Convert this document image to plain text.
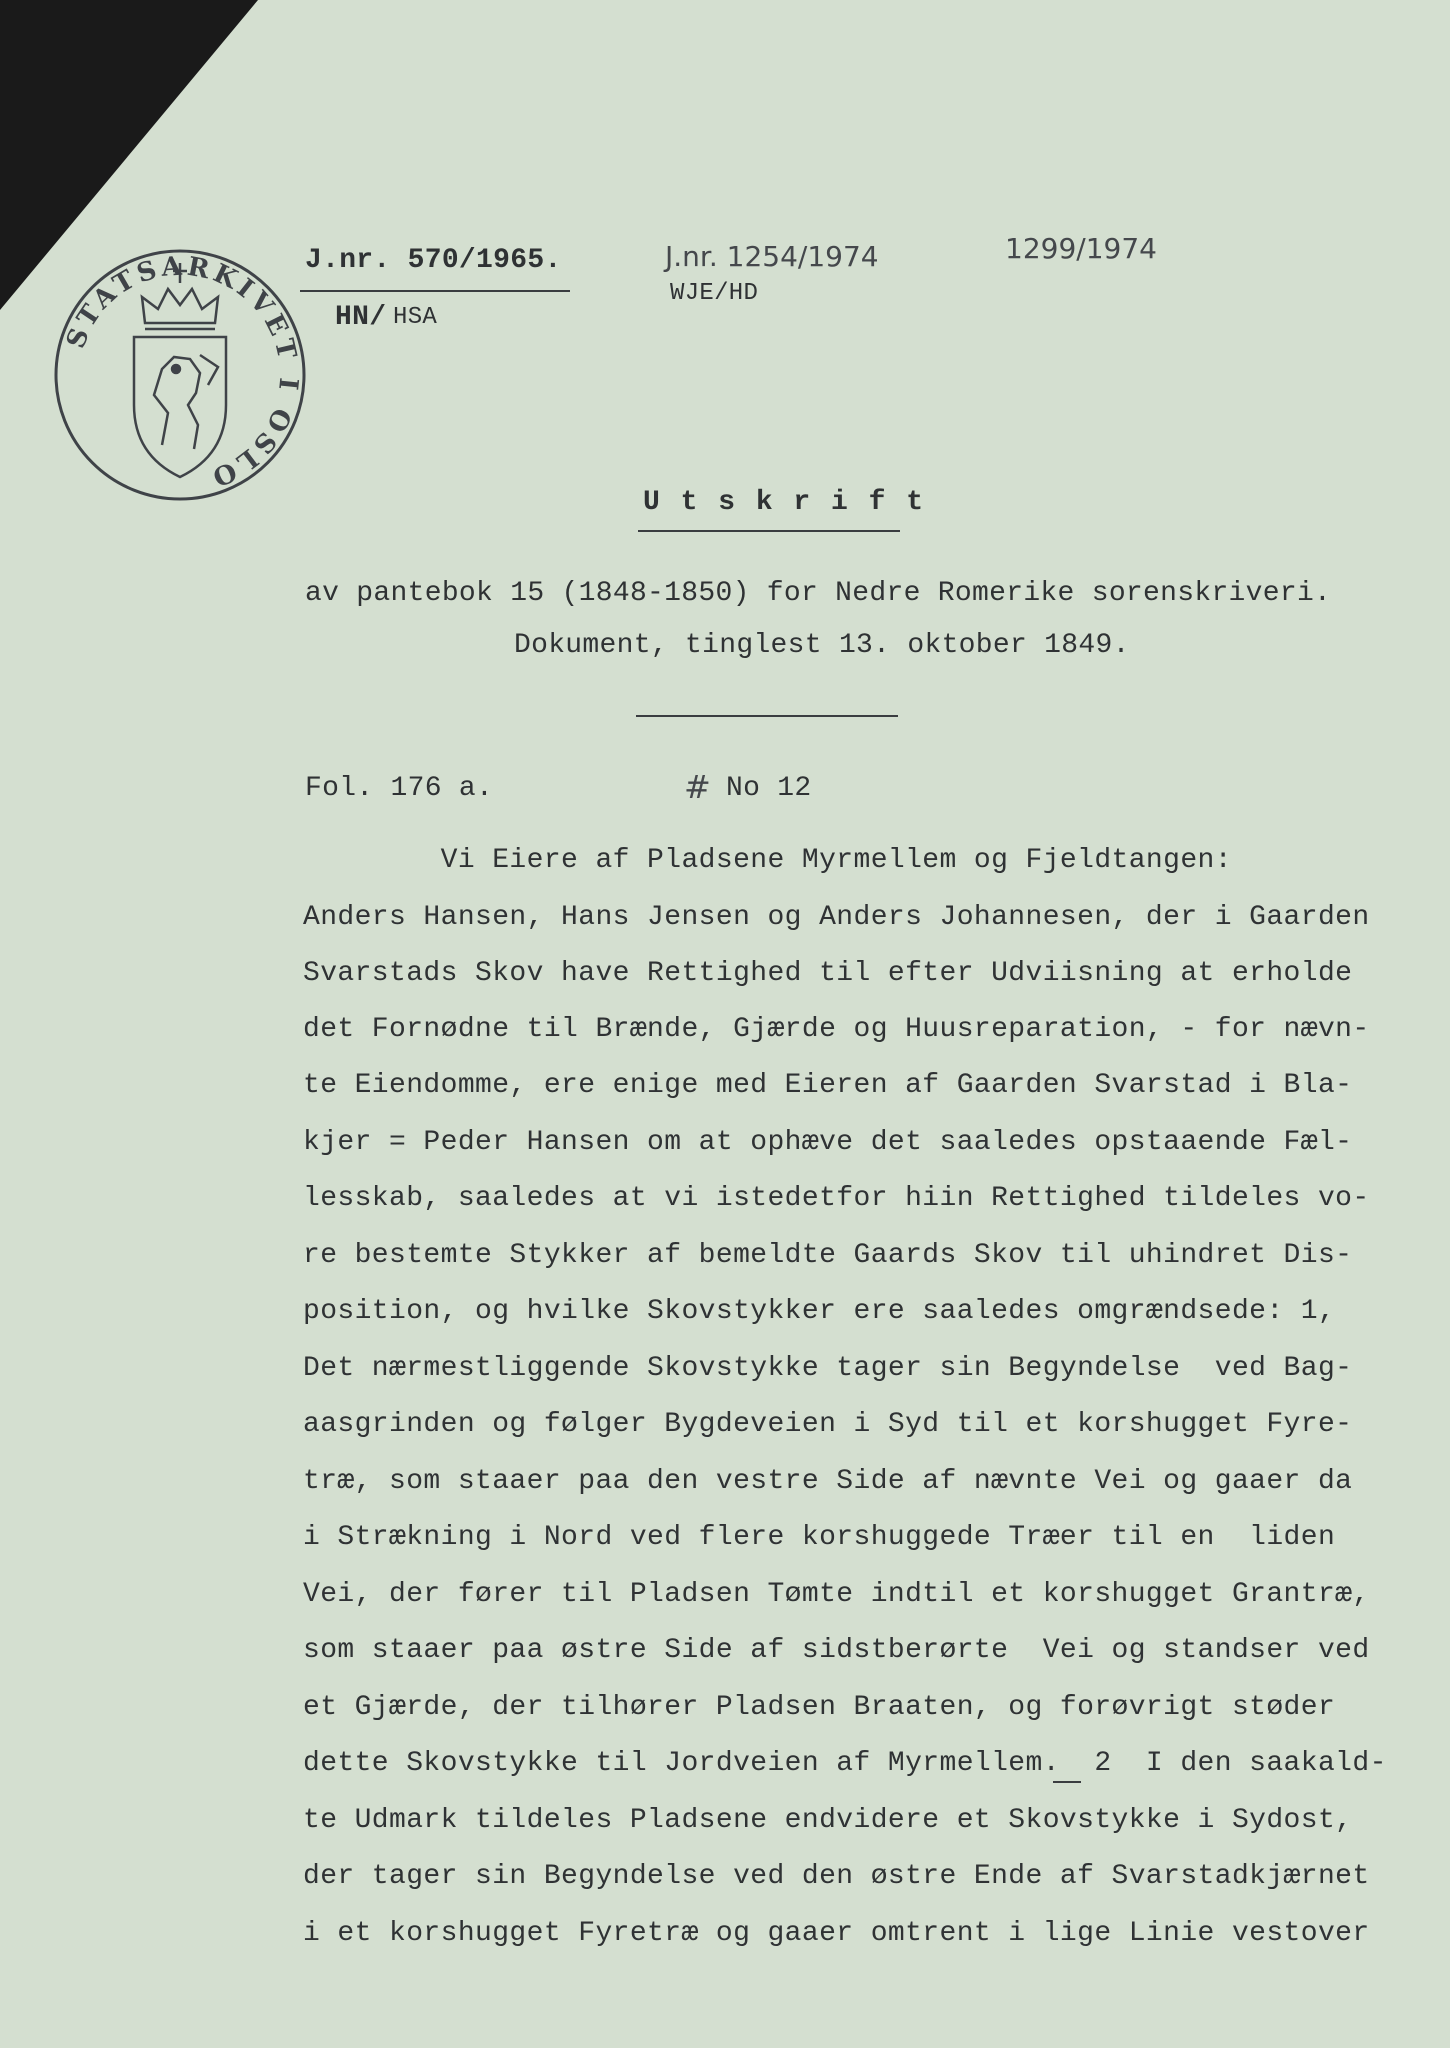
STATSARKIVET I OSLO
J.nr. 570/1965.
HN/ HSA
J.nr. 1254/1974
WJE/HD
1299/1974
U t s k r i f t
av pantebok 15 (1848-1850) for Nedre Romerike sorenskriveri.
Dokument, tinglest 13. oktober 1849.
Fol. 176 a.	# No 12
Vi Eiere af Pladsene Myrmellem og Fjeldtangen:
Anders Hansen, Hans Jensen og Anders Johannesen, der i Gaarden
Svarstads Skov have Rettighed til efter Udviisning at erholde
det Fornødne til Brænde, Gjærde og Huusreparation, - for nævn-
te Eiendomme, ere enige med Eieren af Gaarden Svarstad i Bla-
kjer = Peder Hansen om at ophæve det saaledes opstaaende Fæl-
lesskab, saaledes at vi istedetfor hiin Rettighed tildeles vo-
re bestemte Stykker af bemeldte Gaards Skov til uhindret Dis-
position, og hvilke Skovstykker ere saaledes omgrændsede: 1,
Det nærmestliggende Skovstykke tager sin Begyndelse  ved Bag-
aasgrinden og følger Bygdeveien i Syd til et korshugget Fyre-
træ, som staaer paa den vestre Side af nævnte Vei og gaaer da
i Strækning i Nord ved flere korshuggede Træer til en  liden
Vei, der fører til Pladsen Tømte indtil et korshugget Grantræ,
som staaer paa østre Side af sidstberørte  Vei og standser ved
et Gjærde, der tilhører Pladsen Braaten, og forøvrigt støder
dette Skovstykke til Jordveien af Myrmellem.  2  I den saakald-
te Udmark tildeles Pladsene endvidere et Skovstykke i Sydost,
der tager sin Begyndelse ved den østre Ende af Svarstadkjærnet
i et korshugget Fyretræ og gaaer omtrent i lige Linie vestover
